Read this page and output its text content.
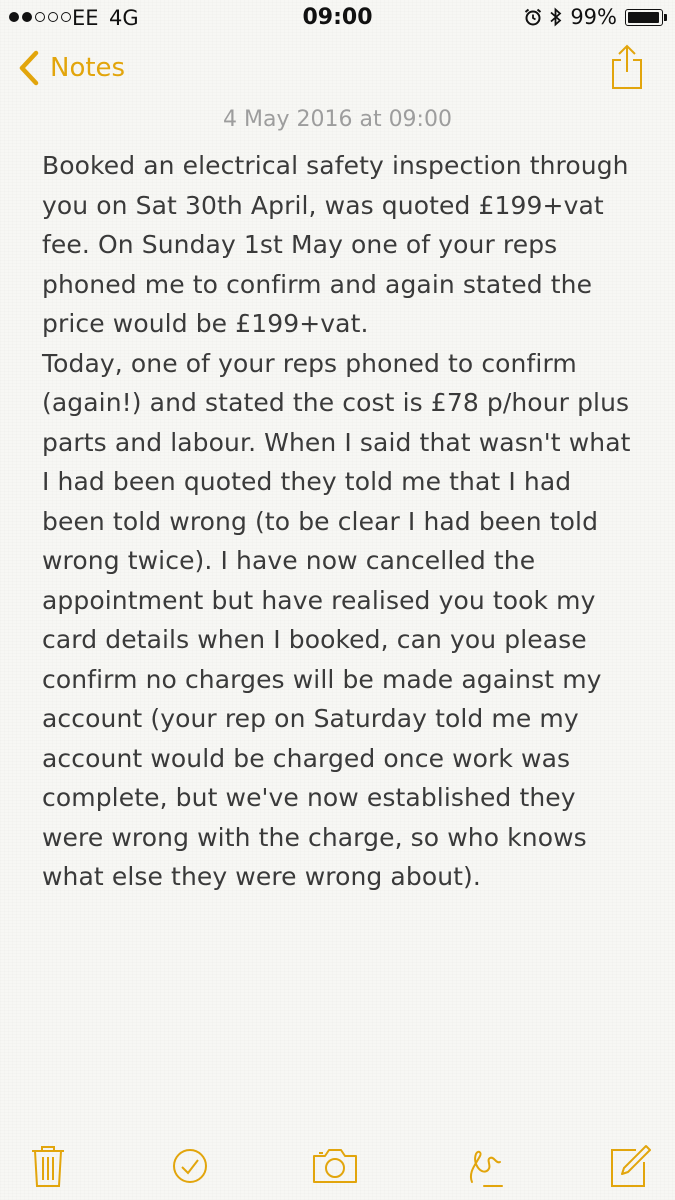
EE 4G	09:00	99%
Notes
4 May 2016 at 09:00
Booked an electrical safety inspection through you on Sat 30th April, was quoted £199+vat fee. On Sunday 1st May one of your reps phoned me to confirm and again stated the price would be £199+vat.
Today, one of your reps phoned to confirm (again!) and stated the cost is £78 p/hour plus parts and labour. When I said that wasn't what I had been quoted they told me that I had been told wrong (to be clear I had been told wrong twice). I have now cancelled the appointment but have realised you took my card details when I booked, can you please confirm no charges will be made against my account (your rep on Saturday told me my account would be charged once work was complete, but we've now established they were wrong with the charge, so who knows what else they were wrong about).
